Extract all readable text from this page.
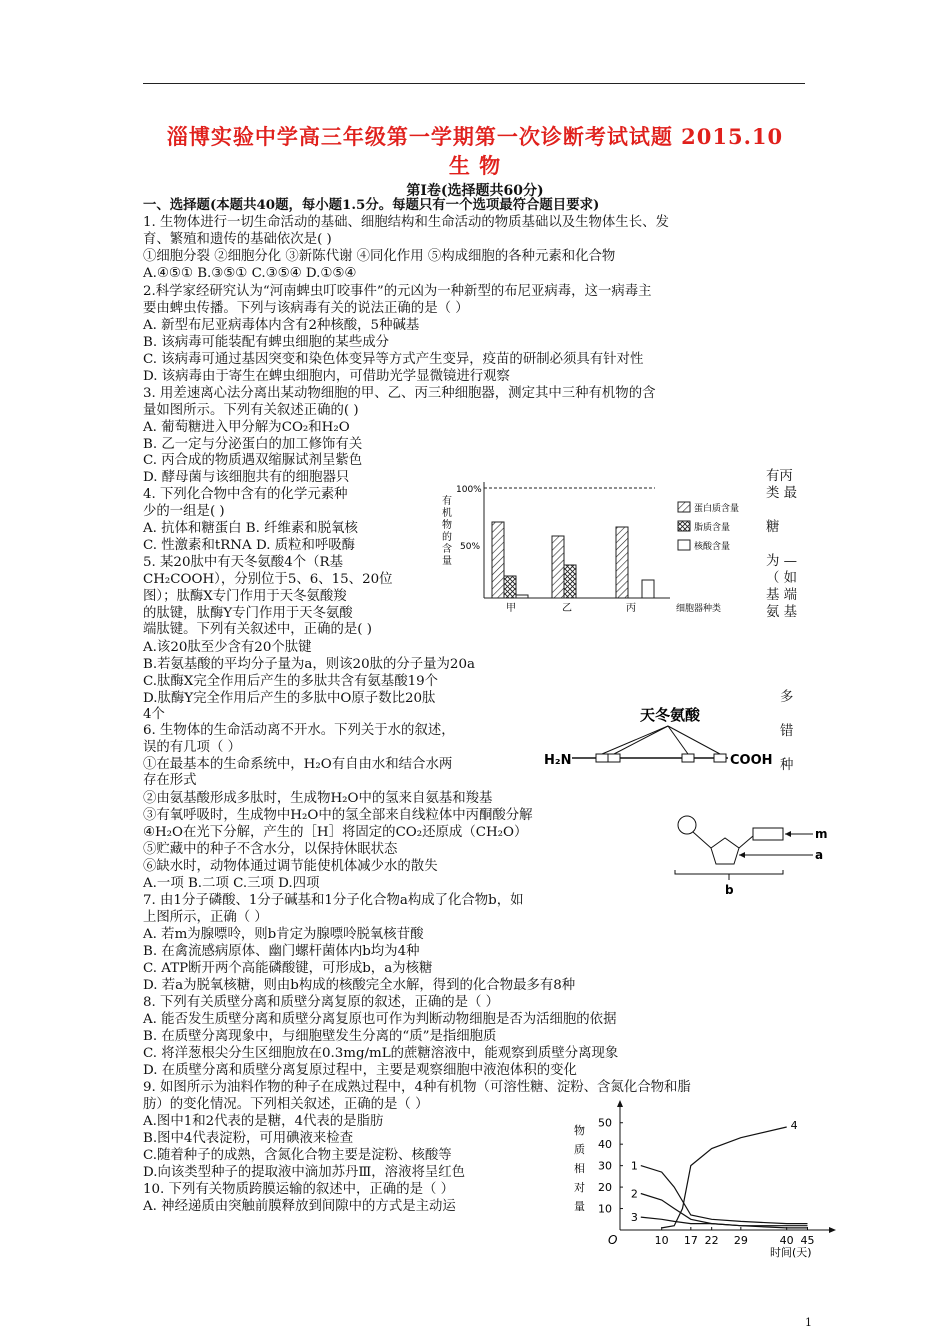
淄博实验中学高三年级第一学期第一次诊断考试试题 2015.10
生 物
第Ⅰ卷(选择题共60分)
一、选择题(本题共40题，每小题1.5分。每题只有一个选项最符合题目要求)
1. 生物体进行一切生命活动的基础、细胞结构和生命活动的物质基础以及生物体生长、发
育、繁殖和遗传的基础依次是( )
①细胞分裂 ②细胞分化 ③新陈代谢 ④同化作用 ⑤构成细胞的各种元素和化合物
A.④⑤① B.③⑤① C.③⑤④ D.①⑤④
2.科学家经研究认为“河南蜱虫叮咬事件”的元凶为一种新型的布尼亚病毒，这一病毒主
要由蜱虫传播。下列与该病毒有关的说法正确的是（ ）
A. 新型布尼亚病毒体内含有2种核酸，5种碱基
B. 该病毒可能装配有蜱虫细胞的某些成分
C. 该病毒可通过基因突变和染色体变异等方式产生变异，疫苗的研制必须具有针对性
D. 该病毒由于寄生在蜱虫细胞内，可借助光学显微镜进行观察
3. 用差速离心法分离出某动物细胞的甲、乙、丙三种细胞器，测定其中三种有机物的含
量如图所示。下列有关叙述正确的( )
A. 葡萄糖进入甲分解为CO₂和H₂O
B. 乙一定与分泌蛋白的加工修饰有关
C. 丙合成的物质遇双缩脲试剂呈紫色
D. 酵母菌与该细胞共有的细胞器只
4. 下列化合物中含有的化学元素种
少的一组是( )
A. 抗体和糖蛋白 B. 纤维素和脱氧核
C. 性激素和tRNA D. 质粒和呼吸酶
5. 某20肽中有天冬氨酸4个（R基
CH₂COOH），分别位于5、6、15、20位
图）；肽酶X专门作用于天冬氨酸羧
的肽键，肽酶Y专门作用于天冬氨酸
端肽键。下列有关叙述中，正确的是( )
A.该20肽至少含有20个肽键
B.若氨基酸的平均分子量为a，则该20肽的分子量为20a
C.肽酶X完全作用后产生的多肽共含有氨基酸19个
D.肽酶Y完全作用后产生的多肽中O原子数比20肽
4个
6. 生物体的生命活动离不开水。下列关于水的叙述，
误的有几项（ ）
①在最基本的生命系统中，H₂O有自由水和结合水两
存在形式
②由氨基酸形成多肽时，生成物H₂O中的氢来自氨基和羧基
③有氧呼吸时，生成物中H₂O中的氢全部来自线粒体中丙酮酸分解
④H₂O在光下分解，产生的［H］将固定的CO₂还原成（CH₂O）
⑤贮藏中的种子不含水分，以保持休眠状态
⑥缺水时，动物体通过调节能使机体减少水的散失
A.一项 B.二项 C.三项 D.四项
7. 由1分子磷酸、1分子碱基和1分子化合物a构成了化合物b，如
上图所示，正确（ ）
A. 若m为腺嘌呤，则b肯定为腺嘌呤脱氧核苷酸
B. 在禽流感病原体、幽门螺杆菌体内b均为4种
C. ATP断开两个高能磷酸键，可形成b，a为核糖
D. 若a为脱氧核糖，则由b构成的核酸完全水解，得到的化合物最多有8种
8. 下列有关质壁分离和质壁分离复原的叙述，正确的是（ ）
A. 能否发生质壁分离和质壁分离复原也可作为判断动物细胞是否为活细胞的依据
B. 在质壁分离现象中，与细胞壁发生分离的“质”是指细胞质
C. 将洋葱根尖分生区细胞放在0.3mg/mL的蔗糖溶液中，能观察到质壁分离现象
D. 在质壁分离和质壁分离复原过程中，主要是观察细胞中液泡体积的变化
9. 如图所示为油料作物的种子在成熟过程中，4种有机物（可溶性糖、淀粉、含氮化合物和脂
肪）的变化情况。下列相关叙述，正确的是（ ）
A.图中1和2代表的是糖，4代表的是脂肪
B.图中4代表淀粉，可用碘液来检查
C.随着种子的成熟，含氮化合物主要是淀粉、核酸等
D.向该类型种子的提取液中滴加苏丹Ⅲ，溶液将呈红色
10. 下列有关物质跨膜运输的叙述中，正确的是（ ）
A. 神经递质由突触前膜释放到间隙中的方式是主动运
有丙
类 最
糖
为 —
（ 如
基 端
氨 基
多
错
种
有
机
物
的
含
量
100%
50%
甲	乙	丙	细胞器种类
蛋白质含量
脂质含量
核酸含量
天冬氨酸
H₂N	COOH
m
a
b
O	10 17 22 29	40 45
10
20
30
40
50
物
质
相
对
量
时间(天)
1
2
3
4
1
